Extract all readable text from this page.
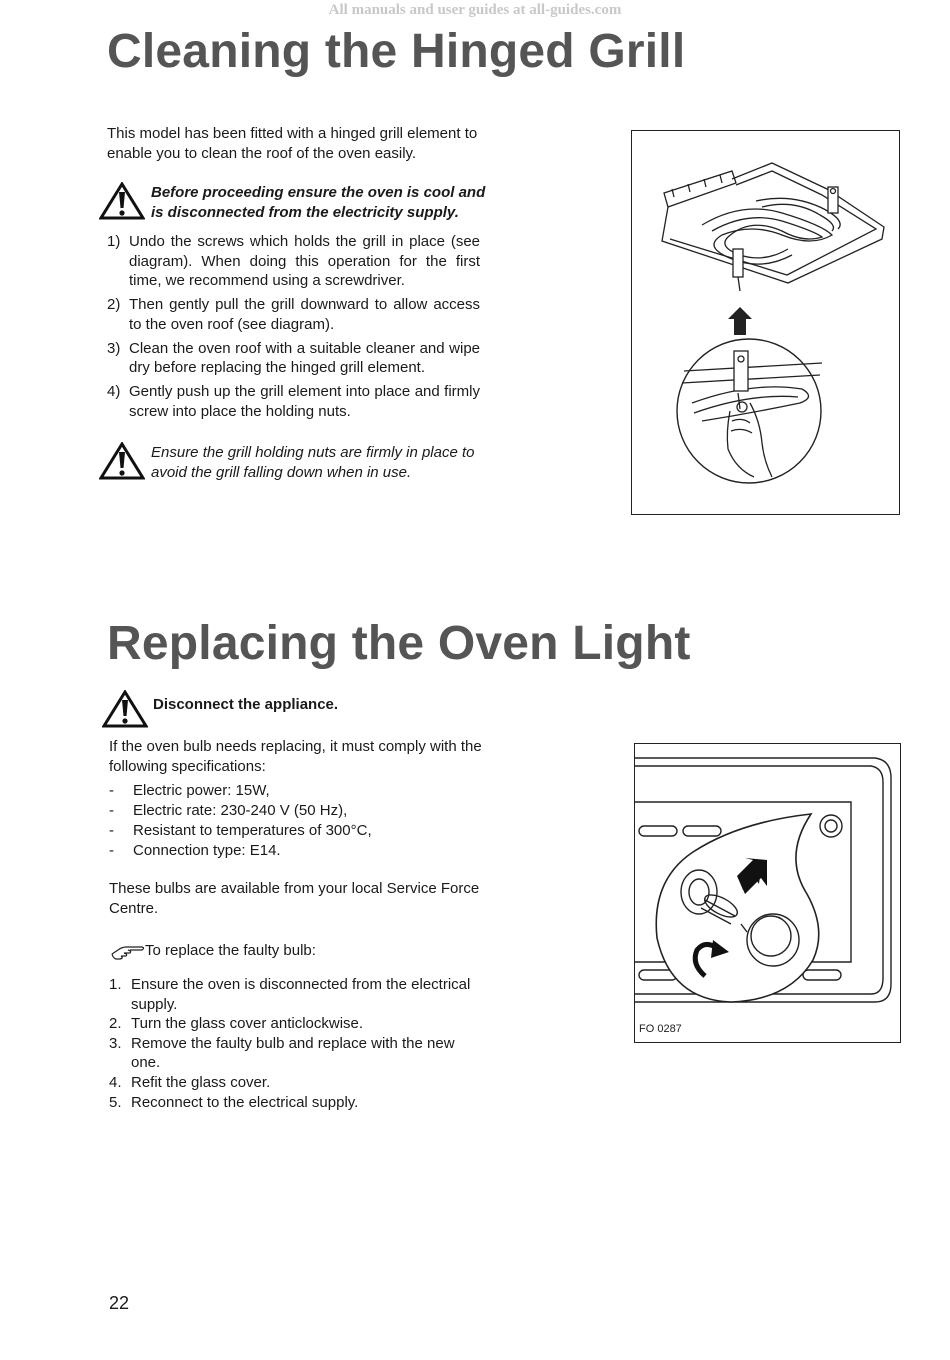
All manuals and user guides at all-guides.com
Cleaning the Hinged Grill

This model has been fitted with a hinged grill element to enable you to clean the roof of the oven easily.

Before proceeding ensure the oven is cool and is disconnected from the electricity supply.
1) Undo the screws which holds the grill in place (see diagram). When doing this operation for the first time, we recommend using a screwdriver.
2) Then gently pull the grill downward to allow access to the oven roof (see diagram).
3) Clean the oven roof with a suitable cleaner and wipe dry before replacing the hinged grill element.
4) Gently push up the grill element into place and firmly screw into place the holding nuts.
Ensure the grill holding nuts are firmly in place to avoid the grill falling down when in use.
Replacing the Oven Light
Disconnect the appliance.

If the oven bulb needs replacing, it must comply with the following specifications:

- Electric power: 15W,
- Electric rate: 230-240 V (50 Hz),
- Resistant to temperatures of 300°C,
- Connection type: E14.

These bulbs are available from your local Service Force Centre.

To replace the faulty bulb:
1. Ensure the oven is disconnected from the electrical supply.
2. Turn the glass cover anticlockwise.
3. Remove the faulty bulb and replace with the new one.
4. Refit the glass cover.
5. Reconnect to the electrical supply.
FO 0287
22
